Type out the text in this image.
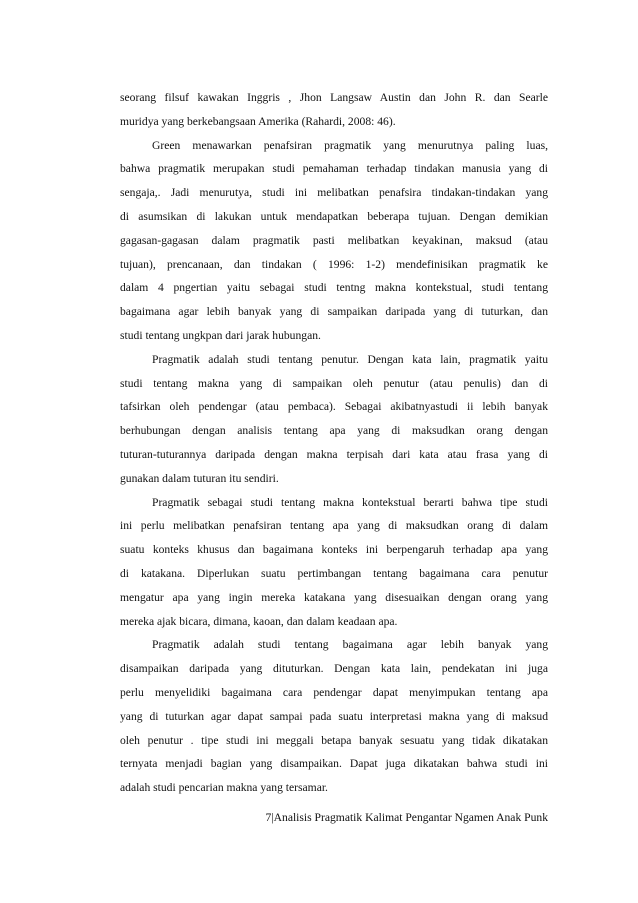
seorang filsuf kawakan Inggris , Jhon Langsaw Austin dan John R. dan Searle
muridya yang berkebangsaan Amerika (Rahardi, 2008: 46).
Green menawarkan penafsiran pragmatik yang menurutnya paling luas,
bahwa pragmatik merupakan studi pemahaman terhadap tindakan manusia yang di
sengaja,. Jadi menurutya, studi ini melibatkan penafsira tindakan-tindakan yang
di asumsikan di lakukan untuk mendapatkan beberapa tujuan. Dengan demikian
gagasan-gagasan dalam pragmatik pasti melibatkan keyakinan, maksud (atau
tujuan), prencanaan, dan tindakan ( 1996: 1-2) mendefinisikan pragmatik ke
dalam 4 pngertian yaitu sebagai studi tentng makna kontekstual, studi tentang
bagaimana agar lebih banyak yang di sampaikan daripada yang di tuturkan, dan
studi tentang ungkpan dari jarak hubungan.
Pragmatik adalah studi tentang penutur. Dengan kata lain, pragmatik yaitu
studi tentang makna yang di sampaikan oleh penutur (atau penulis) dan di
tafsirkan oleh pendengar (atau pembaca). Sebagai akibatnyastudi ii lebih banyak
berhubungan dengan analisis tentang apa yang di maksudkan orang dengan
tuturan-tuturannya daripada dengan makna terpisah dari kata atau frasa yang di
gunakan dalam tuturan itu sendiri.
Pragmatik sebagai studi tentang makna kontekstual berarti bahwa tipe studi
ini perlu melibatkan penafsiran tentang apa yang di maksudkan orang di dalam
suatu konteks khusus dan bagaimana konteks ini berpengaruh terhadap apa yang
di katakana. Diperlukan suatu pertimbangan tentang bagaimana cara penutur
mengatur apa yang ingin mereka katakana yang disesuaikan dengan orang yang
mereka ajak bicara, dimana, kaoan, dan dalam keadaan apa.
Pragmatik adalah studi tentang bagaimana agar lebih banyak yang
disampaikan daripada yang dituturkan. Dengan kata lain, pendekatan ini juga
perlu menyelidiki bagaimana cara pendengar dapat menyimpukan tentang apa
yang di tuturkan agar dapat sampai pada suatu interpretasi makna yang di maksud
oleh penutur . tipe studi ini meggali betapa banyak sesuatu yang tidak dikatakan
ternyata menjadi bagian yang disampaikan. Dapat juga dikatakan bahwa studi ini
adalah studi pencarian makna yang tersamar.
7|Analisis Pragmatik Kalimat Pengantar Ngamen Anak Punk
